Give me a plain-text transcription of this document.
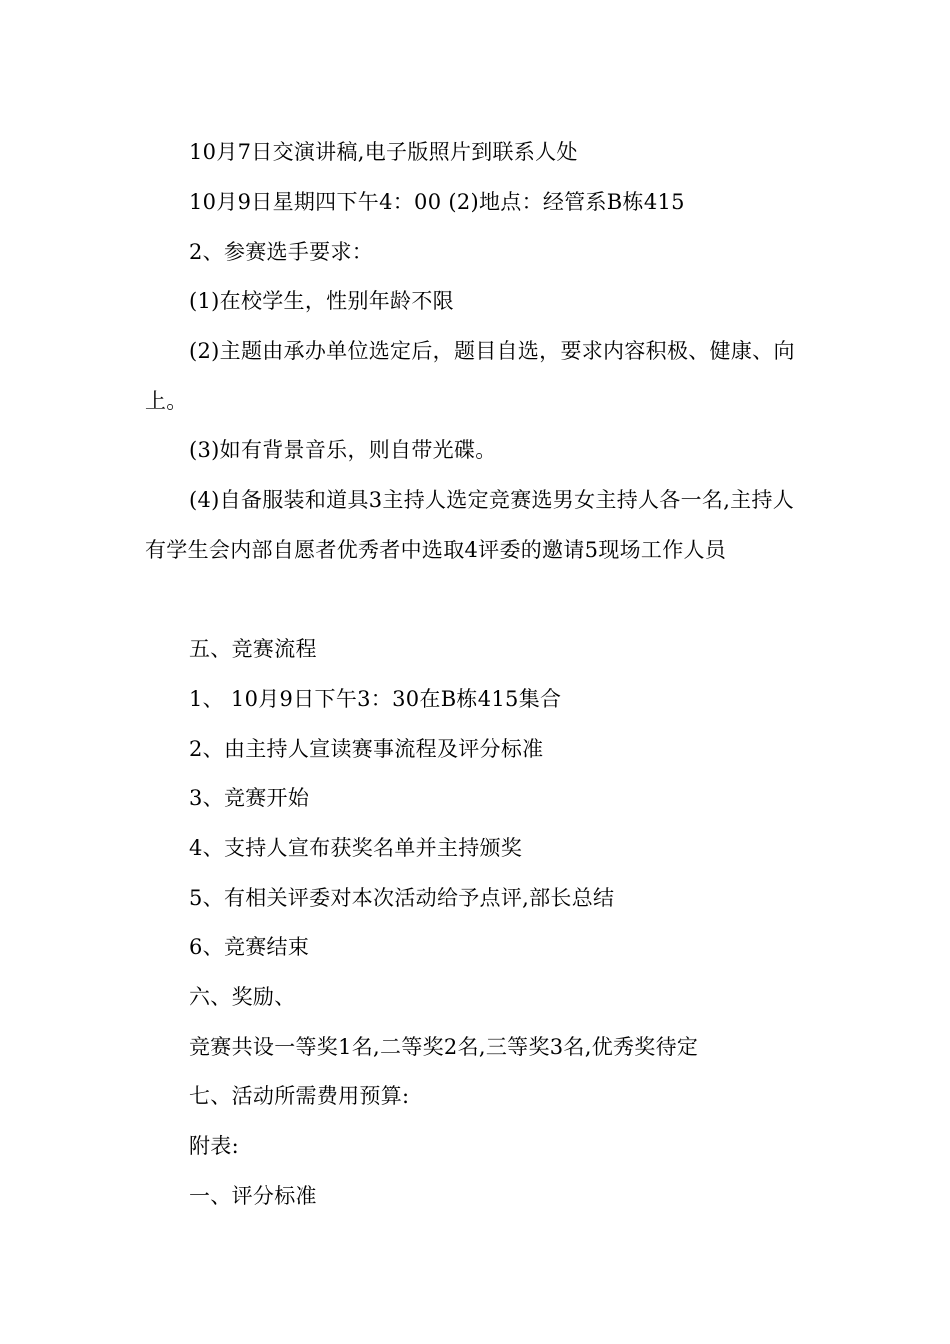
10月7日交演讲稿,电子版照片到联系人处

10月9日星期四下午4：00 (2)地点：经管系B栋415

2、参赛选手要求：

(1)在校学生，性别年龄不限

(2)主题由承办单位选定后，题目自选，要求内容积极、健康、向上。

(3)如有背景音乐，则自带光碟。

(4)自备服装和道具3主持人选定竞赛选男女主持人各一名,主持人有学生会内部自愿者优秀者中选取4评委的邀请5现场工作人员

五、竞赛流程

1、 10月9日下午3：30在B栋415集合

2、由主持人宣读赛事流程及评分标准

3、竞赛开始

4、支持人宣布获奖名单并主持颁奖

5、有相关评委对本次活动给予点评,部长总结

6、竞赛结束

六、奖励、

竞赛共设一等奖1名,二等奖2名,三等奖3名,优秀奖待定

七、活动所需费用预算:

附表:

一、评分标准
